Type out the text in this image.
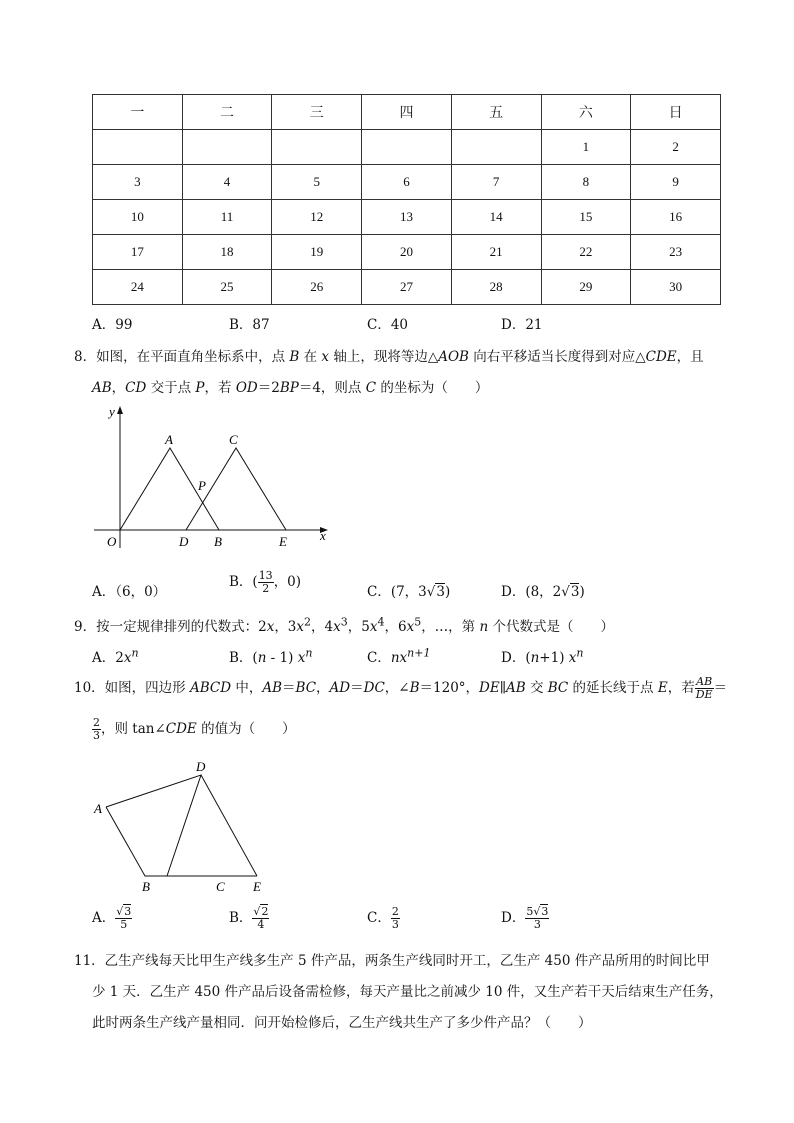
一	二	三	四	五	六	日
					1	2
3	4	5	6	7	8	9
10	11	12	13	14	15	16
17	18	19	20	21	22	23
24	25	26	27	28	29	30
A．99	B．87	C．40	D．21
8．如图，在平面直角坐标系中，点 B 在 x 轴上，现将等边△AOB 向右平移适当长度得到对应△CDE，且
AB，CD 交于点 P，若 OD＝2BP＝4，则点 C 的坐标为（　　）
y
x
O
A	C
P
D B	E
A．（6，0）
B．( $\frac{13}{2}$ ，0)
C．(7，3√3)	D．(8，2√3)
9．按一定规律排列的代数式：2x，$3x^2$，$4x^3$，$5x^4$，$6x^5$，…，第 n 个代数式是（　　）
A．$2x^n$	B．(n - 1) $x^n$	C．$nx^{n+1}$	D．(n+1) $x^n$
10．如图，四边形 ABCD 中，AB＝BC，AD＝DC，∠B＝120°，DE∥AB 交 BC 的延长线于点 E，若 $\frac{AB}{DE}$ ＝
$\frac{2}{3}$ ，则 tan∠CDE 的值为（　　）
A
B	C
D
E
A． $\frac{√3}{5}$	B． $\frac{√2}{4}$	C． $\frac{2}{3}$	D． $\frac{5√3}{3}$
11．乙生产线每天比甲生产线多生产 5 件产品，两条生产线同时开工，乙生产 450 件产品所用的时间比甲
少 1 天．乙生产 450 件产品后设备需检修，每天产量比之前减少 10 件，又生产若干天后结束生产任务，
此时两条生产线产量相同．问开始检修后，乙生产线共生产了多少件产品？（　　）
